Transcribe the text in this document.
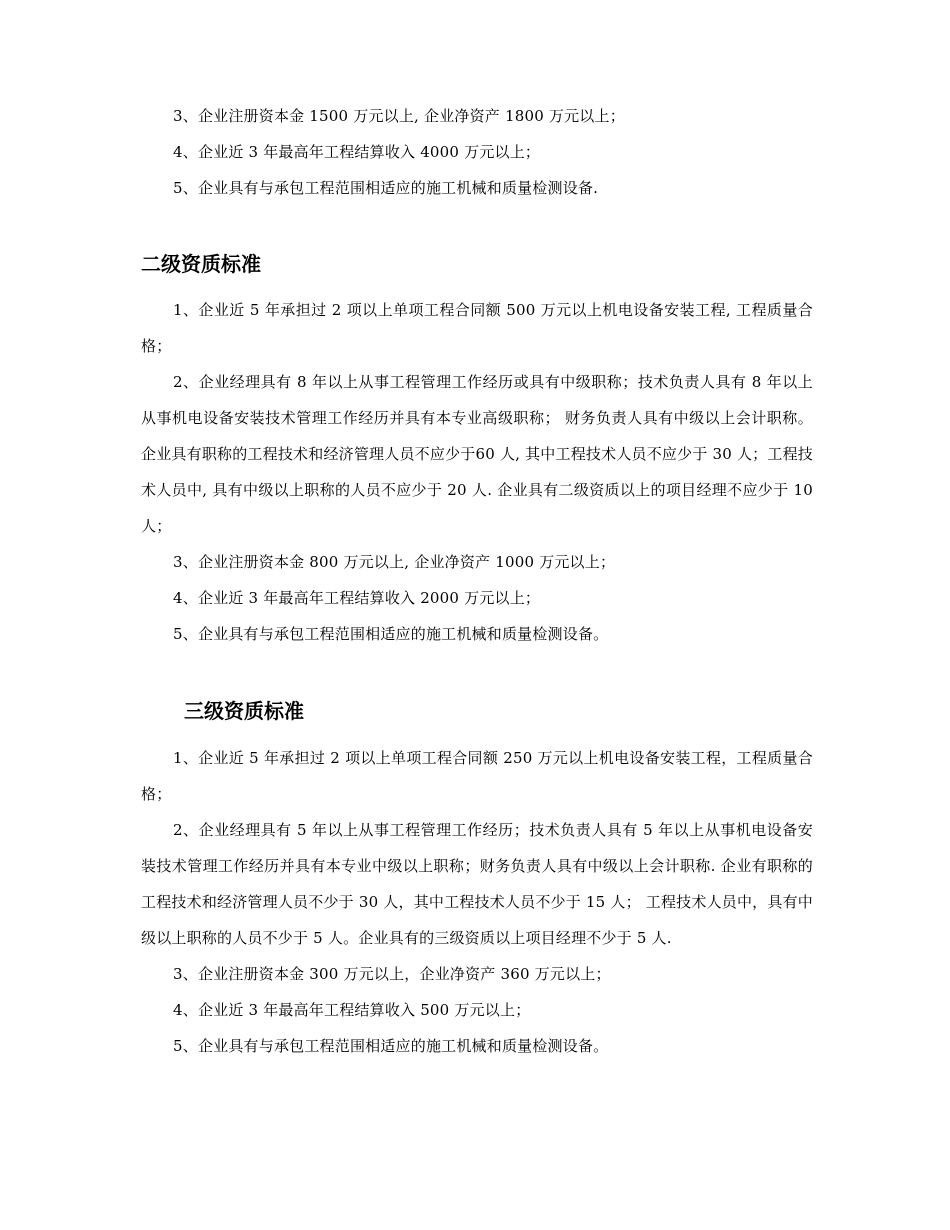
3、企业注册资本金 1500 万元以上, 企业净资产 1800 万元以上；

4、企业近 3 年最高年工程结算收入 4000 万元以上；

5、企业具有与承包工程范围相适应的施工机械和质量检测设备.

二级资质标准

1、企业近 5 年承担过 2 项以上单项工程合同额 500 万元以上机电设备安装工程, 工程质量合格；

2、企业经理具有 8 年以上从事工程管理工作经历或具有中级职称；技术负责人具有 8 年以上从事机电设备安装技术管理工作经历并具有本专业高级职称； 财务负责人具有中级以上会计职称。企业具有职称的工程技术和经济管理人员不应少于60 人, 其中工程技术人员不应少于 30 人；工程技术人员中, 具有中级以上职称的人员不应少于 20 人. 企业具有二级资质以上的项目经理不应少于 10 人；

3、企业注册资本金 800 万元以上, 企业净资产 1000 万元以上；

4、企业近 3 年最高年工程结算收入 2000 万元以上；

5、企业具有与承包工程范围相适应的施工机械和质量检测设备。

三级资质标准

1、企业近 5 年承担过 2 项以上单项工程合同额 250 万元以上机电设备安装工程，工程质量合格；

2、企业经理具有 5 年以上从事工程管理工作经历；技术负责人具有 5 年以上从事机电设备安装技术管理工作经历并具有本专业中级以上职称；财务负责人具有中级以上会计职称. 企业有职称的工程技术和经济管理人员不少于 30 人，其中工程技术人员不少于 15 人； 工程技术人员中，具有中级以上职称的人员不少于 5 人。企业具有的三级资质以上项目经理不少于 5 人.

3、企业注册资本金 300 万元以上，企业净资产 360 万元以上；

4、企业近 3 年最高年工程结算收入 500 万元以上；

5、企业具有与承包工程范围相适应的施工机械和质量检测设备。
